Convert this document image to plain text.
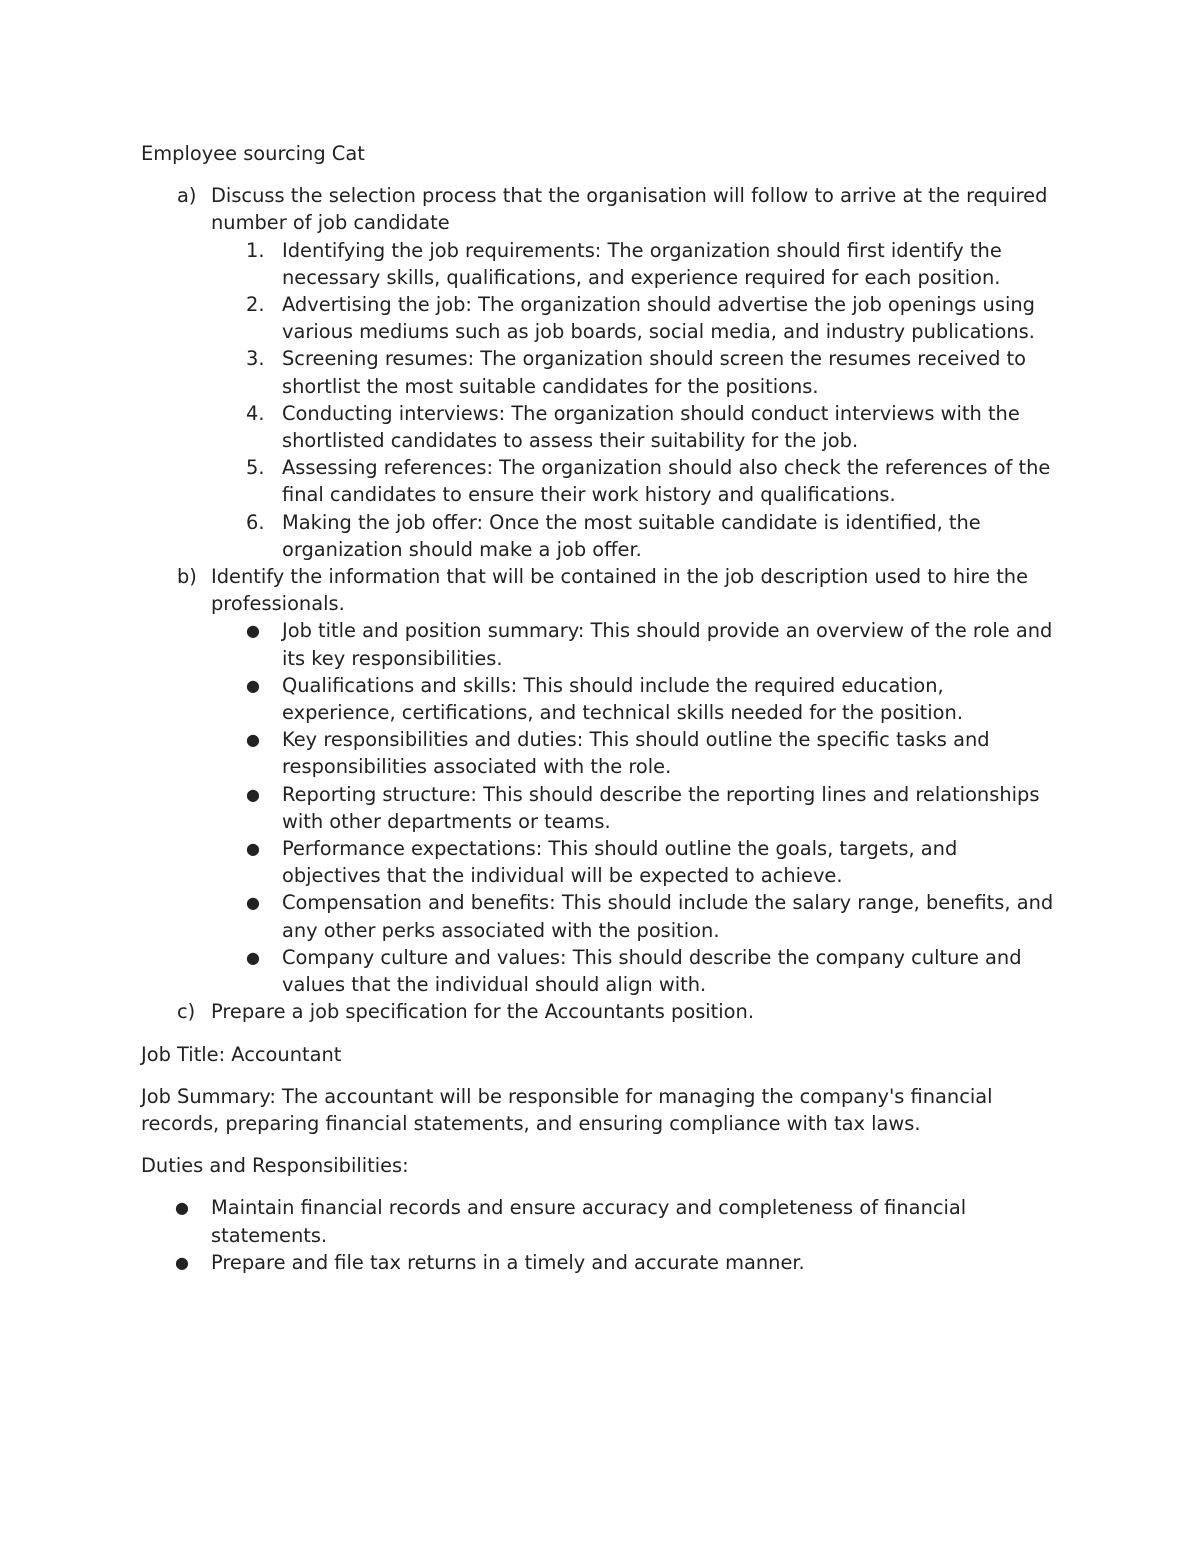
Employee sourcing Cat

a) Discuss the selection process that the organisation will follow to arrive at the required number of job candidate
1. Identifying the job requirements: The organization should first identify the necessary skills, qualifications, and experience required for each position.
2. Advertising the job: The organization should advertise the job openings using various mediums such as job boards, social media, and industry publications.
3. Screening resumes: The organization should screen the resumes received to shortlist the most suitable candidates for the positions.
4. Conducting interviews: The organization should conduct interviews with the shortlisted candidates to assess their suitability for the job.
5. Assessing references: The organization should also check the references of the final candidates to ensure their work history and qualifications.
6. Making the job offer: Once the most suitable candidate is identified, the organization should make a job offer.
b) Identify the information that will be contained in the job description used to hire the professionals.
● Job title and position summary: This should provide an overview of the role and its key responsibilities.
● Qualifications and skills: This should include the required education, experience, certifications, and technical skills needed for the position.
● Key responsibilities and duties: This should outline the specific tasks and responsibilities associated with the role.
● Reporting structure: This should describe the reporting lines and relationships with other departments or teams.
● Performance expectations: This should outline the goals, targets, and objectives that the individual will be expected to achieve.
● Compensation and benefits: This should include the salary range, benefits, and any other perks associated with the position.
● Company culture and values: This should describe the company culture and values that the individual should align with.
c) Prepare a job specification for the Accountants position.

Job Title: Accountant

Job Summary: The accountant will be responsible for managing the company's financial records, preparing financial statements, and ensuring compliance with tax laws.

Duties and Responsibilities:

● Maintain financial records and ensure accuracy and completeness of financial statements.
● Prepare and file tax returns in a timely and accurate manner.
